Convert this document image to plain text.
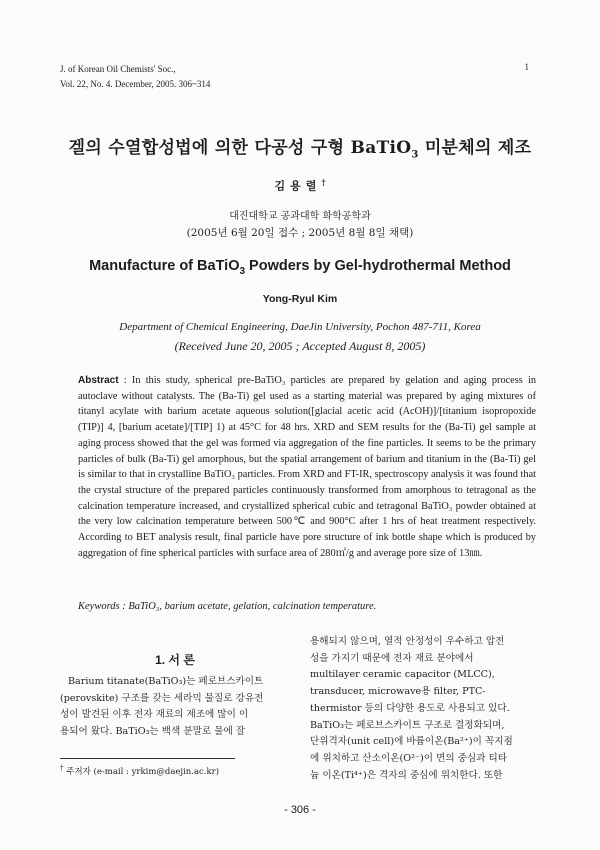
J. of Korean Oil Chemists' Soc.,
Vol. 22, No. 4. December, 2005. 306~314
1
겔의 수열합성법에 의한 다공성 구형 BaTiO$_3$ 미분체의 제조
김용렬†
대진대학교 공과대학 화학공학과
(2005년 6월 20일 접수 ; 2005년 8월 8일 채택)
Manufacture of BaTiO$_3$ Powders by Gel-hydrothermal Method
Yong-Ryul Kim
Department of Chemical Engineering, DaeJin University, Pochon 487-711, Korea
(Received June 20, 2005 ; Accepted August 8, 2005)
Abstract : In this study, spherical pre-BaTiO₃ particles are prepared by gelation and aging process in autoclave without catalysts. The (Ba-Ti) gel used as a starting material was prepared by aging mixtures of titanyl acylate with barium acetate aqueous solution([glacial acetic acid (AcOH)]/[titanium isopropoxide (TIP)] 4, [barium acetate]/[TIP] 1) at 45°C for 48 hrs. XRD and SEM results for the (Ba-Ti) gel sample at aging process showed that the gel was formed via aggregation of the fine particles. It seems to be the primary particles of bulk (Ba-Ti) gel amorphous, but the spatial arrangement of barium and titanium in the (Ba-Ti) gel is similar to that in crystalline BaTiO₃ particles. From XRD and FT-IR, spectroscopy analysis it was found that the crystal structure of the prepared particles continuously transformed from amorphous to tetragonal as the calcination temperature increased, and crystallized spherical cubic and tetragonal BaTiO₃ powder obtained at the very low calcination temperature between 500℃ and 900°C after 1 hrs of heat treatment respectively. According to BET analysis result, final particle have pore structure of ink bottle shape which is produced by aggregation of fine spherical particles with surface area of 280㎡/g and average pore size of 13㎚.
Keywords : BaTiO₃, barium acetate, gelation, calcination temperature.
1. 서 론
Barium titanate(BaTiO₃)는 페로브스카이트
(perovskite) 구조를 갖는 세라믹 물질로 강유전
성이 발견된 이후 전자 재료의 제조에 많이 이
용되어 왔다. BaTiO₃는 백색 분말로 물에 잘
용해되지 않으며, 열적 안정성이 우수하고 압전
성을 가지기 때문에 전자 재료 분야에서
multilayer ceramic capacitor (MLCC),
transducer, microwave용 filter, PTC-
thermistor 등의 다양한 용도로 사용되고 있다.
BaTiO₃는 페로브스카이트 구조로 결정화되며,
단위격자(unit cell)에 바륨이온(Ba²⁺)이 꼭지점
에 위치하고 산소이온(O²⁻)이 면의 중심과 티타
늄 이온(Ti⁴⁺)은 격자의 중심에 위치한다. 또한
† 주저자 (e-mail : yrkim@daejin.ac.kr)
- 306 -
